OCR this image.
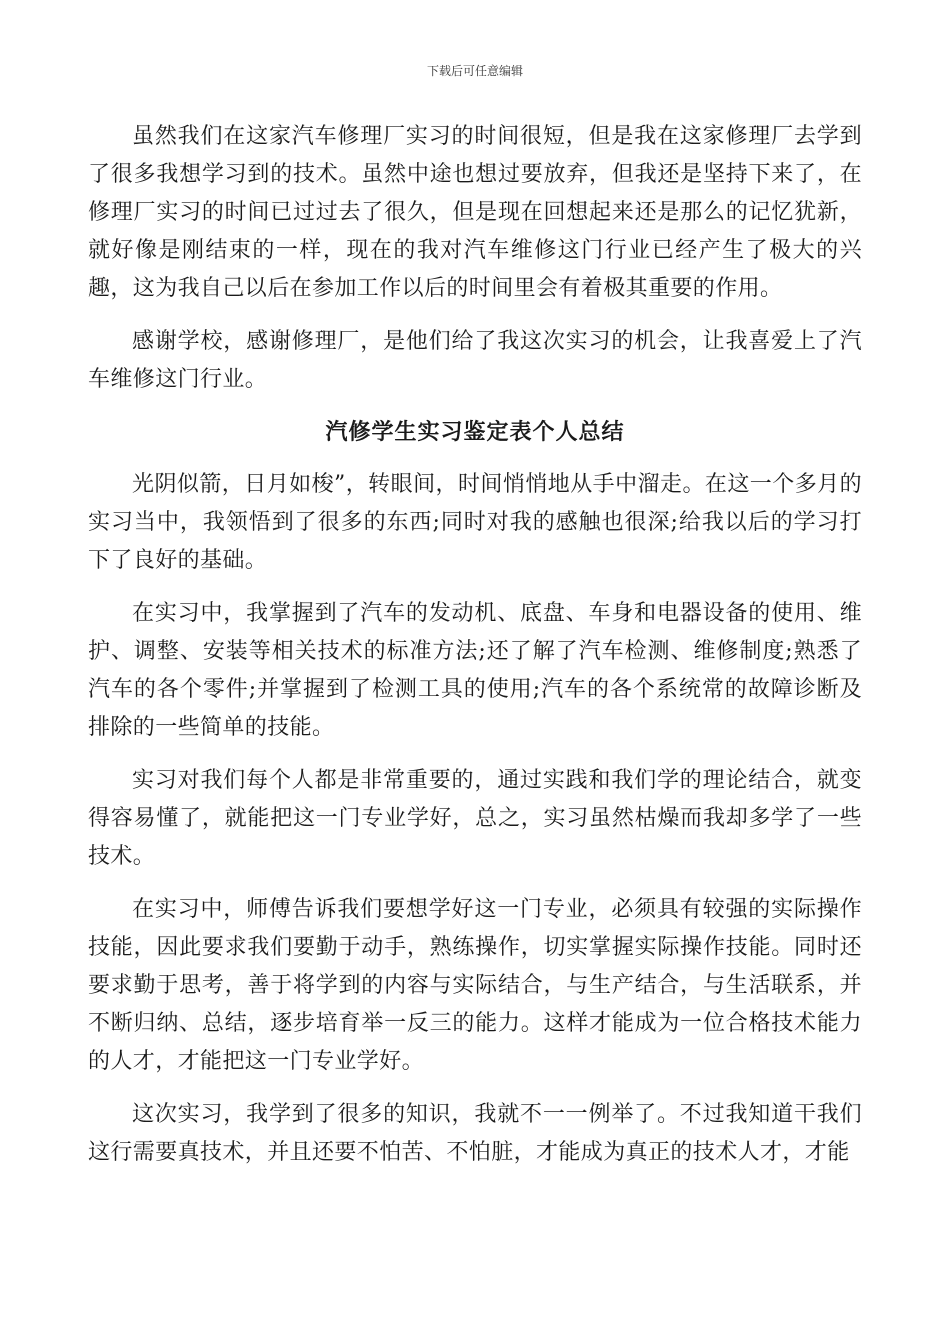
下载后可任意编辑

虽然我们在这家汽车修理厂实习的时间很短，但是我在这家修理厂去学到了很多我想学习到的技术。虽然中途也想过要放弃，但我还是坚持下来了，在修理厂实习的时间已过过去了很久，但是现在回想起来还是那么的记忆犹新，就好像是刚结束的一样，现在的我对汽车维修这门行业已经产生了极大的兴趣，这为我自己以后在参加工作以后的时间里会有着极其重要的作用。

感谢学校，感谢修理厂，是他们给了我这次实习的机会，让我喜爱上了汽车维修这门行业。

汽修学生实习鉴定表个人总结

光阴似箭，日月如梭”，转眼间，时间悄悄地从手中溜走。在这一个多月的实习当中，我领悟到了很多的东西;同时对我的感触也很深;给我以后的学习打下了良好的基础。

在实习中，我掌握到了汽车的发动机、底盘、车身和电器设备的使用、维护、调整、安装等相关技术的标准方法;还了解了汽车检测、维修制度;熟悉了汽车的各个零件;并掌握到了检测工具的使用;汽车的各个系统常的故障诊断及排除的一些简单的技能。

实习对我们每个人都是非常重要的，通过实践和我们学的理论结合，就变得容易懂了，就能把这一门专业学好，总之，实习虽然枯燥而我却多学了一些技术。

在实习中，师傅告诉我们要想学好这一门专业，必须具有较强的实际操作技能，因此要求我们要勤于动手，熟练操作，切实掌握实际操作技能。同时还要求勤于思考，善于将学到的内容与实际结合，与生产结合，与生活联系，并不断归纳、总结，逐步培育举一反三的能力。这样才能成为一位合格技术能力的人才，才能把这一门专业学好。

这次实习，我学到了很多的知识，我就不一一例举了。不过我知道干我们这行需要真技术，并且还要不怕苦、不怕脏，才能成为真正的技术人才，才能
